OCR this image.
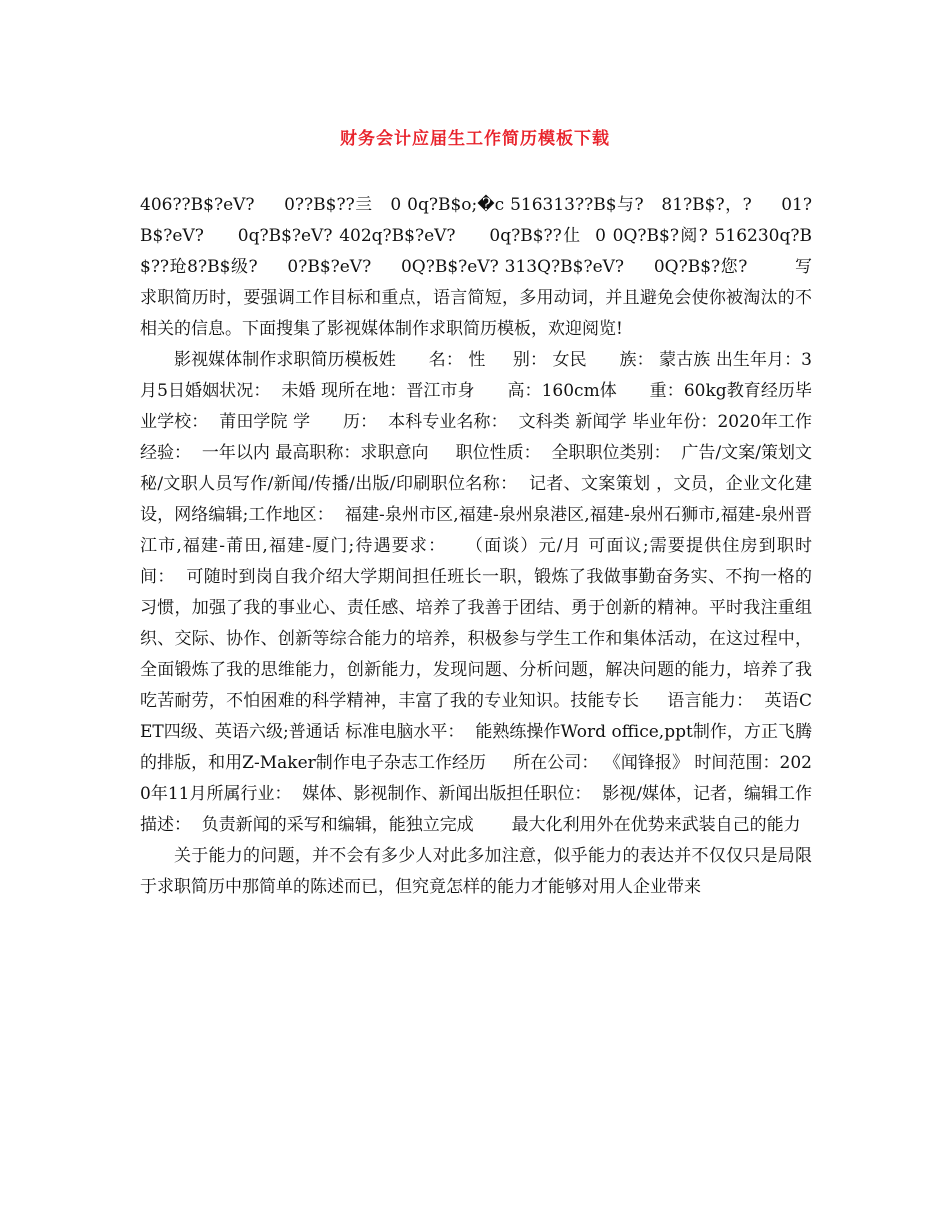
财务会计应届生工作简历模板下载

406??B$?eV?     0??B$??亖   0 0q?B$o;�c 516313??B$与?   81?B$?，?     01?B$?eV?     0q?B$?eV? 402q?B$?eV?     0q?B$??仩  0 0Q?B$?阅? 516230q?B$??玱8?B$级?     0?B$?eV?     0Q?B$?eV? 313Q?B$?eV?     0Q?B$?您?        写求职简历时，要强调工作目标和重点，语言简短，多用动词，并且避免会使你被淘汰的不相关的信息。下面搜集了影视媒体制作求职简历模板，欢迎阅览!

影视媒体制作求职简历模板姓      名： 性     别： 女民      族： 蒙古族 出生年月：3月5日婚姻状况：  未婚 现所在地：晋江市身      高：160cm体      重：60kg教育经历毕业学校：  莆田学院 学      历：  本科专业名称：  文科类 新闻学 毕业年份：2020年工作经验：  一年以内 最高职称：求职意向     职位性质：  全职职位类别：  广告/文案/策划文秘/文职人员写作/新闻/传播/出版/印刷职位名称：  记者、文案策划 ，文员，企业文化建设，网络编辑;工作地区：  福建-泉州市区,福建-泉州泉港区,福建-泉州石狮市,福建-泉州晋江市,福建-莆田,福建-厦门;待遇要求：   （面谈）元/月 可面议;需要提供住房到职时间：  可随时到岗自我介绍大学期间担任班长一职，锻炼了我做事勤奋务实、不拘一格的习惯，加强了我的事业心、责任感、培养了我善于团结、勇于创新的精神。平时我注重组织、交际、协作、创新等综合能力的培养，积极参与学生工作和集体活动，在这过程中，全面锻炼了我的思维能力，创新能力，发现问题、分析问题，解决问题的能力，培养了我吃苦耐劳，不怕困难的科学精神，丰富了我的专业知识。技能专长     语言能力：  英语CET四级、英语六级;普通话 标准电脑水平：  能熟练操作Word office,ppt制作，方正飞腾的排版，和用Z-Maker制作电子杂志工作经历     所在公司： 《闻锋报》 时间范围：2020年11月所属行业：  媒体、影视制作、新闻出版担任职位：  影视/媒体，记者，编辑工作描述：  负责新闻的采写和编辑，能独立完成       最大化利用外在优势来武装自己的能力

关于能力的问题，并不会有多少人对此多加注意，似乎能力的表达并不仅仅只是局限于求职简历中那简单的陈述而已，但究竟怎样的能力才能够对用人企业带来
